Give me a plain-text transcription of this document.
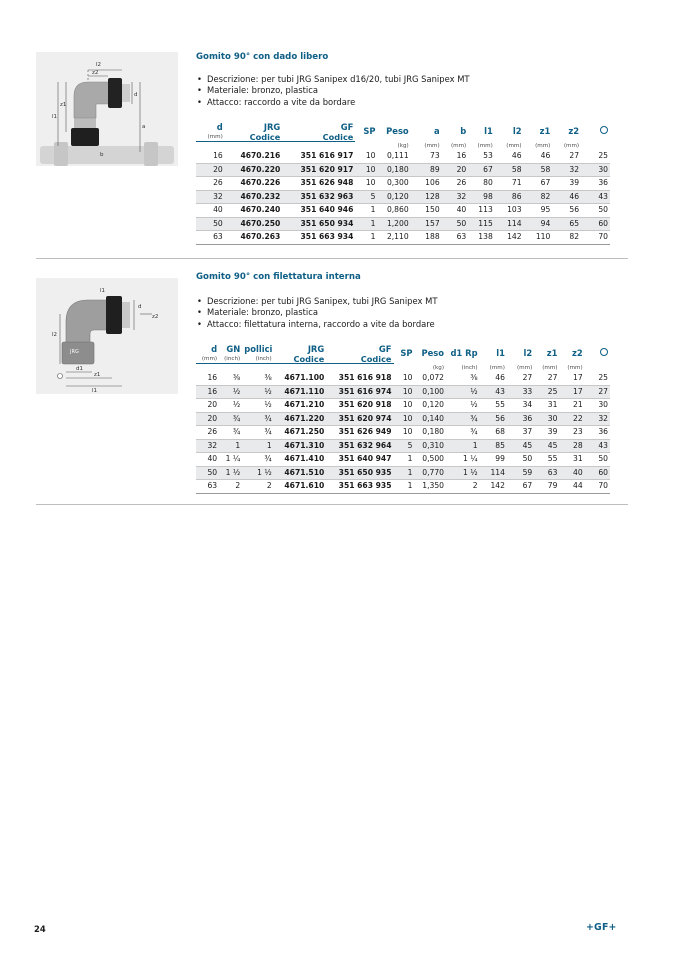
l2
d
z2
z1
l1
a
b
Gomito 90° con dado libero
• Descrizione: per tubi JRG Sanipex d16/20, tubi JRG Sanipex MT
• Materiale: bronzo, plastica
• Attacco: raccordo a vite da bordare
d	JRG	GF	SP	Peso	a	b	l1	l2	z1	z2	
(mm)	Codice	Codice									
				(kg)	(mm)	(mm)	(mm)	(mm)	(mm)	(mm)	
16	4670.216	351 616 917	10	0,111	73	16	53	46	46	27	25
20	4670.220	351 620 917	10	0,180	89	20	67	58	58	32	30
26	4670.226	351 626 948	10	0,300	106	26	80	71	67	39	36
32	4670.232	351 632 963	5	0,120	128	32	98	86	82	46	43
40	4670.240	351 640 946	1	0,860	150	40	113	103	95	56	50
50	4670.250	351 650 934	1	1,200	157	50	115	114	94	65	60
63	4670.263	351 663 934	1	2,110	188	63	138	142	110	82	70
JRG
d
z2
l2
l1
d1
z1
l1
Gomito 90° con filettatura interna
• Descrizione: per tubi JRG Sanipex, tubi JRG Sanipex MT
• Materiale: bronzo, plastica
• Attacco: filettatura interna, raccordo a vite da bordare
d	GN	pollici	JRG	GF	SP	Peso	d1 Rp	l1	l2	z1	z2	
(mm)	(inch)	(inch)	Codice	Codice								
						(kg)	(inch)	(mm)	(mm)	(mm)	(mm)	
16	⅜	⅜	4671.100	351 616 918	10	0,072	⅜	46	27	27	17	25
16	½	½	4671.110	351 616 974	10	0,100	½	43	33	25	17	27
20	½	½	4671.210	351 620 918	10	0,120	½	55	34	31	21	30
20	¾	¾	4671.220	351 620 974	10	0,140	¾	56	36	30	22	32
26	¾	¾	4671.250	351 626 949	10	0,180	¾	68	37	39	23	36
32	1	1	4671.310	351 632 964	5	0,310	1	85	45	45	28	43
40	1 ¼	¾	4671.410	351 640 947	1	0,500	1 ¼	99	50	55	31	50
50	1 ½	1 ½	4671.510	351 650 935	1	0,770	1 ½	114	59	63	40	60
63	2	2	4671.610	351 663 935	1	1,350	2	142	67	79	44	70
24	+GF+
